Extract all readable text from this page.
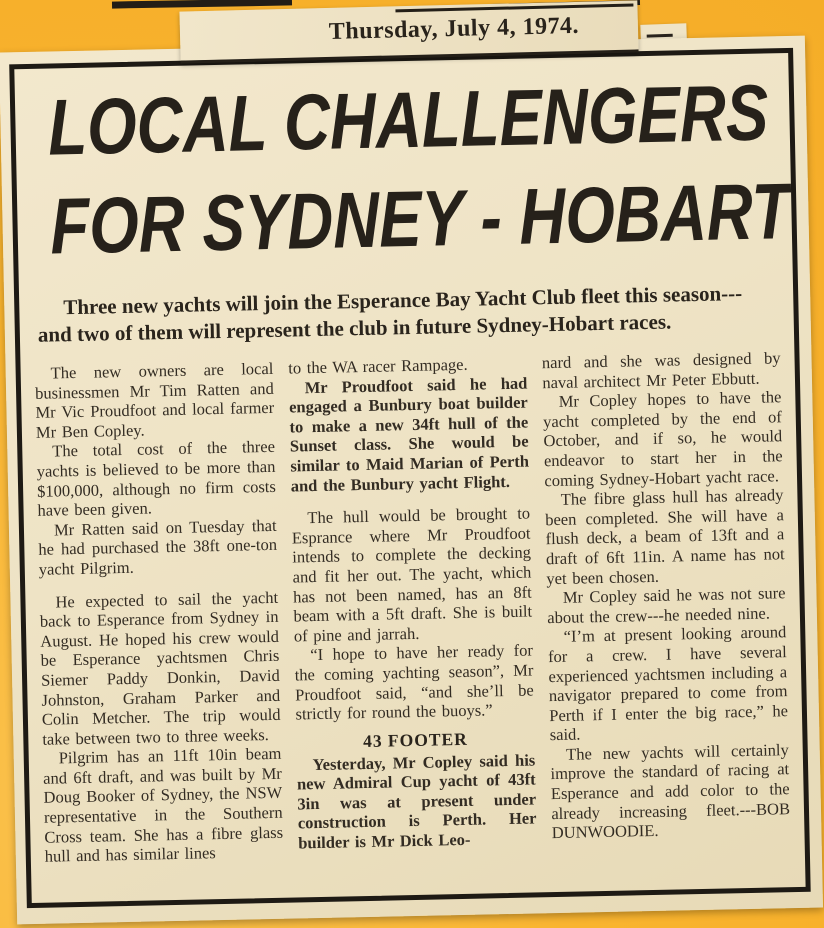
Thursday, July 4, 1974.
LOCAL CHALLENGERS
FOR SYDNEY - HOBART

Three new yachts will join the Esperance Bay Yacht Club fleet this season---and two of them will represent the club in future Sydney-Hobart races.

The new owners are local businessmen Mr Tim Ratten and Mr Vic Proudfoot and local farmer Mr Ben Copley.

The total cost of the three yachts is believed to be more than $100,000, although no firm costs have been given.

Mr Ratten said on Tuesday that he had purchased the 38ft one-ton yacht Pilgrim.

He expected to sail the yacht back to Esperance from Sydney in August. He hoped his crew would be Esperance yachtsmen Chris Siemer Paddy Donkin, David Johnston, Graham Parker and Colin Metcher. The trip would take between two to three weeks.

Pilgrim has an 11ft 10in beam and 6ft draft, and was built by Mr Doug Booker of Sydney, the NSW representative in the Southern Cross team. She has a fibre glass hull and has similar lines

to the WA racer Rampage.

Mr Proudfoot said he had engaged a Bunbury boat builder to make a new 34ft hull of the Sunset class. She would be similar to Maid Marian of Perth and the Bunbury yacht Flight.

The hull would be brought to Esprance where Mr Proudfoot intends to complete the decking and fit her out. The yacht, which has not been named, has an 8ft beam with a 5ft draft. She is built of pine and jarrah.

“I hope to have her ready for the coming yachting season”, Mr Proudfoot said, “and she’ll be strictly for round the buoys.”

43 FOOTER

Yesterday, Mr Copley said his new Admiral Cup yacht of 43ft 3in was at present under construction is Perth. Her builder is Mr Dick Leo-

nard and she was designed by naval architect Mr Peter Ebbutt.

Mr Copley hopes to have the yacht completed by the end of October, and if so, he would endeavor to start her in the coming Sydney-Hobart yacht race.

The fibre glass hull has already been completed. She will have a flush deck, a beam of 13ft and a draft of 6ft 11in. A name has not yet been chosen.

Mr Copley said he was not sure about the crew---he needed nine.

“I’m at present looking around for a crew. I have several experienced yachtsmen including a navigator prepared to come from Perth if I enter the big race,” he said.

The new yachts will certainly improve the standard of racing at Esperance and add color to the already increasing fleet.---BOB DUNWOODIE.
